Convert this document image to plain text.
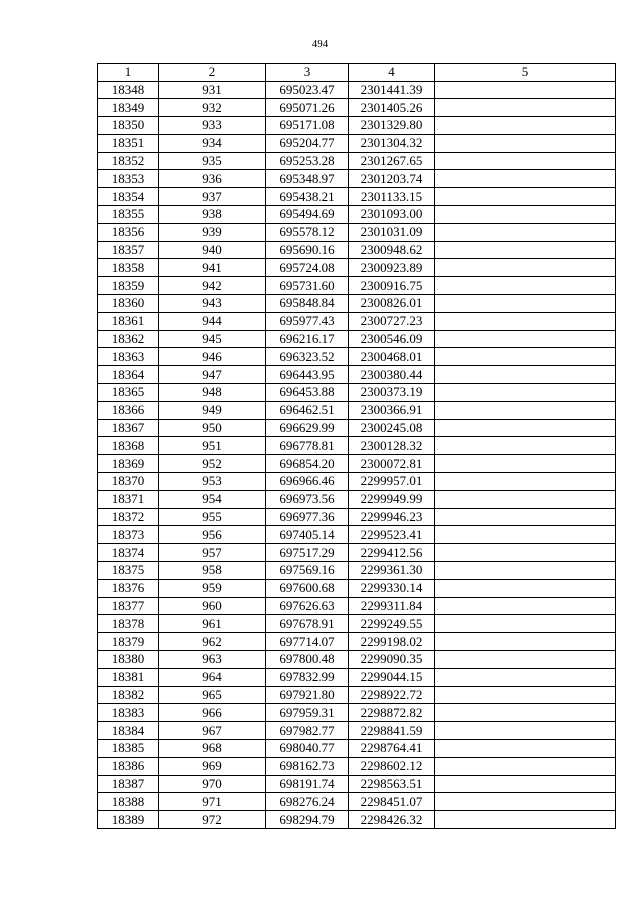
494
1	2	3	4	5
18348	931	695023.47	2301441.39	
18349	932	695071.26	2301405.26	
18350	933	695171.08	2301329.80	
18351	934	695204.77	2301304.32	
18352	935	695253.28	2301267.65	
18353	936	695348.97	2301203.74	
18354	937	695438.21	2301133.15	
18355	938	695494.69	2301093.00	
18356	939	695578.12	2301031.09	
18357	940	695690.16	2300948.62	
18358	941	695724.08	2300923.89	
18359	942	695731.60	2300916.75	
18360	943	695848.84	2300826.01	
18361	944	695977.43	2300727.23	
18362	945	696216.17	2300546.09	
18363	946	696323.52	2300468.01	
18364	947	696443.95	2300380.44	
18365	948	696453.88	2300373.19	
18366	949	696462.51	2300366.91	
18367	950	696629.99	2300245.08	
18368	951	696778.81	2300128.32	
18369	952	696854.20	2300072.81	
18370	953	696966.46	2299957.01	
18371	954	696973.56	2299949.99	
18372	955	696977.36	2299946.23	
18373	956	697405.14	2299523.41	
18374	957	697517.29	2299412.56	
18375	958	697569.16	2299361.30	
18376	959	697600.68	2299330.14	
18377	960	697626.63	2299311.84	
18378	961	697678.91	2299249.55	
18379	962	697714.07	2299198.02	
18380	963	697800.48	2299090.35	
18381	964	697832.99	2299044.15	
18382	965	697921.80	2298922.72	
18383	966	697959.31	2298872.82	
18384	967	697982.77	2298841.59	
18385	968	698040.77	2298764.41	
18386	969	698162.73	2298602.12	
18387	970	698191.74	2298563.51	
18388	971	698276.24	2298451.07	
18389	972	698294.79	2298426.32	
